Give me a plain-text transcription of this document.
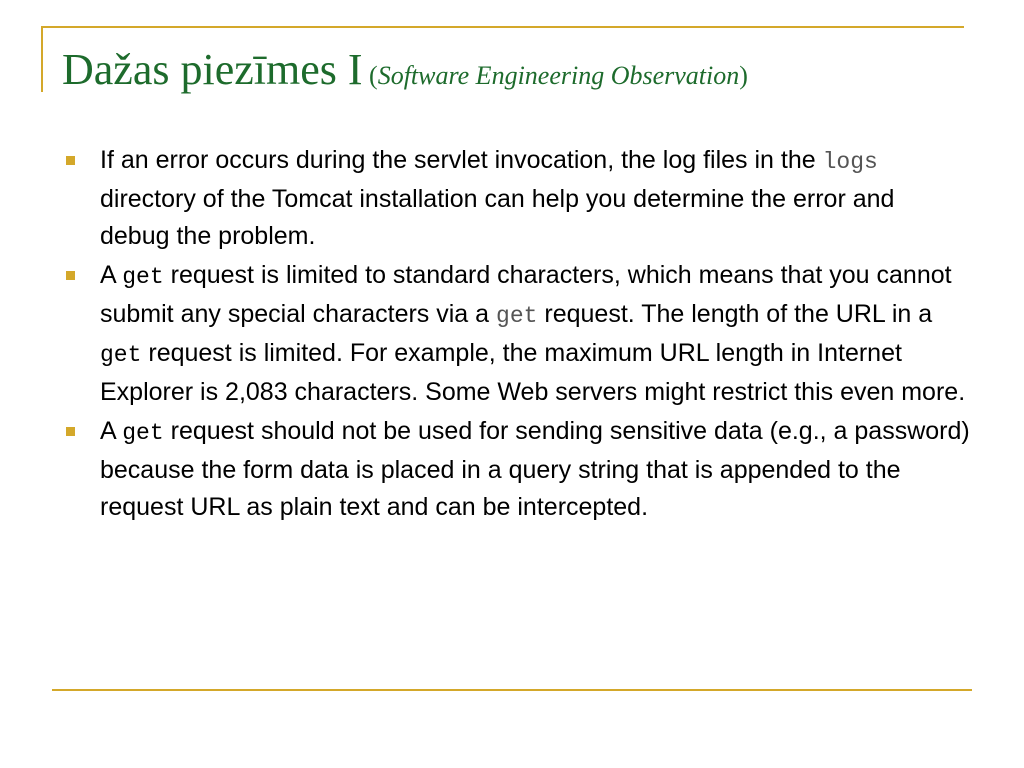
Dažas piezīmes I (Software Engineering Observation)
If an error occurs during the servlet invocation, the log files in the logs directory of the Tomcat installation can help you determine the error and debug the problem.
A get request is limited to standard characters, which means that you cannot submit any special characters via a get request. The length of the URL in a get request is limited. For example, the maximum URL length in Internet Explorer is 2,083 characters. Some Web servers might restrict this even more.
A get request should not be used for sending sensitive data (e.g., a password) because the form data is placed in a query string that is appended to the request URL as plain text and can be intercepted.
